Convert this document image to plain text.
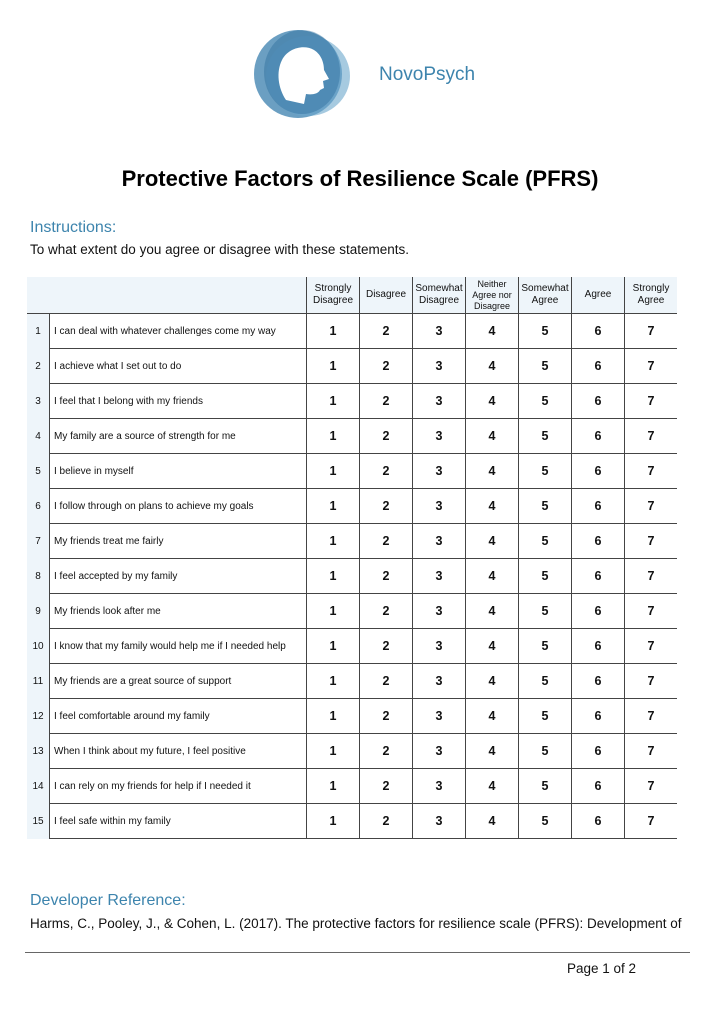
NovoPsych
Protective Factors of Resilience Scale (PFRS)
Instructions:
To what extent do you agree or disagree with these statements.
		Strongly Disagree	Disagree	Somewhat Disagree	Neither Agree nor Disagree	Somewhat Agree	Agree	Strongly Agree
1	I can deal with whatever challenges come my way	1	2	3	4	5	6	7
2	I achieve what I set out to do	1	2	3	4	5	6	7
3	I feel that I belong with my friends	1	2	3	4	5	6	7
4	My family are a source of strength for me	1	2	3	4	5	6	7
5	I believe in myself	1	2	3	4	5	6	7
6	I follow through on plans to achieve my goals	1	2	3	4	5	6	7
7	My friends treat me fairly	1	2	3	4	5	6	7
8	I feel accepted by my family	1	2	3	4	5	6	7
9	My friends look after me	1	2	3	4	5	6	7
10	I know that my family would help me if I needed help	1	2	3	4	5	6	7
11	My friends are a great source of support	1	2	3	4	5	6	7
12	I feel comfortable around my family	1	2	3	4	5	6	7
13	When I think about my future, I feel positive	1	2	3	4	5	6	7
14	I can rely on my friends for help if I needed it	1	2	3	4	5	6	7
15	I feel safe within my family	1	2	3	4	5	6	7
Developer Reference:
Harms, C., Pooley, J., & Cohen, L. (2017). The protective factors for resilience scale (PFRS): Development of
Page 1 of 2
